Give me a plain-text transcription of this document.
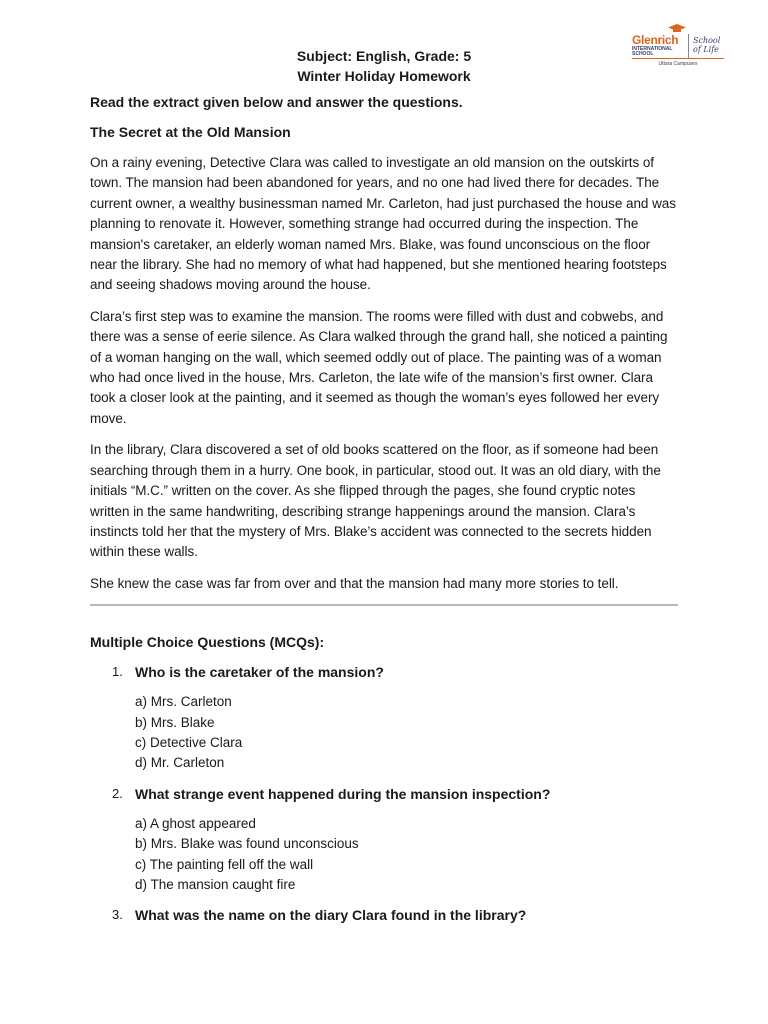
Glenrich
INTERNATIONAL
SCHOOL
School
of Life
Uttara Campuses
Subject: English, Grade: 5
Winter Holiday Homework

Read the extract given below and answer the questions.

The Secret at the Old Mansion

On a rainy evening, Detective Clara was called to investigate an old mansion on the outskirts of town. The mansion had been abandoned for years, and no one had lived there for decades. The current owner, a wealthy businessman named Mr. Carleton, had just purchased the house and was planning to renovate it. However, something strange had occurred during the inspection. The mansion's caretaker, an elderly woman named Mrs. Blake, was found unconscious on the floor near the library. She had no memory of what had happened, but she mentioned hearing footsteps and seeing shadows moving around the house.

Clara’s first step was to examine the mansion. The rooms were filled with dust and cobwebs, and there was a sense of eerie silence. As Clara walked through the grand hall, she noticed a painting of a woman hanging on the wall, which seemed oddly out of place. The painting was of a woman who had once lived in the house, Mrs. Carleton, the late wife of the mansion’s first owner. Clara took a closer look at the painting, and it seemed as though the woman’s eyes followed her every move.

In the library, Clara discovered a set of old books scattered on the floor, as if someone had been searching through them in a hurry. One book, in particular, stood out. It was an old diary, with the initials “M.C.” written on the cover. As she flipped through the pages, she found cryptic notes written in the same handwriting, describing strange happenings around the mansion. Clara’s instincts told her that the mystery of Mrs. Blake’s accident was connected to the secrets hidden within these walls.

She knew the case was far from over and that the mansion had many more stories to tell.

Multiple Choice Questions (MCQs):

1. Who is the caretaker of the mansion?
a) Mrs. Carleton
b) Mrs. Blake
c) Detective Clara
d) Mr. Carleton
2. What strange event happened during the mansion inspection?
a) A ghost appeared
b) Mrs. Blake was found unconscious
c) The painting fell off the wall
d) The mansion caught fire
3. What was the name on the diary Clara found in the library?
